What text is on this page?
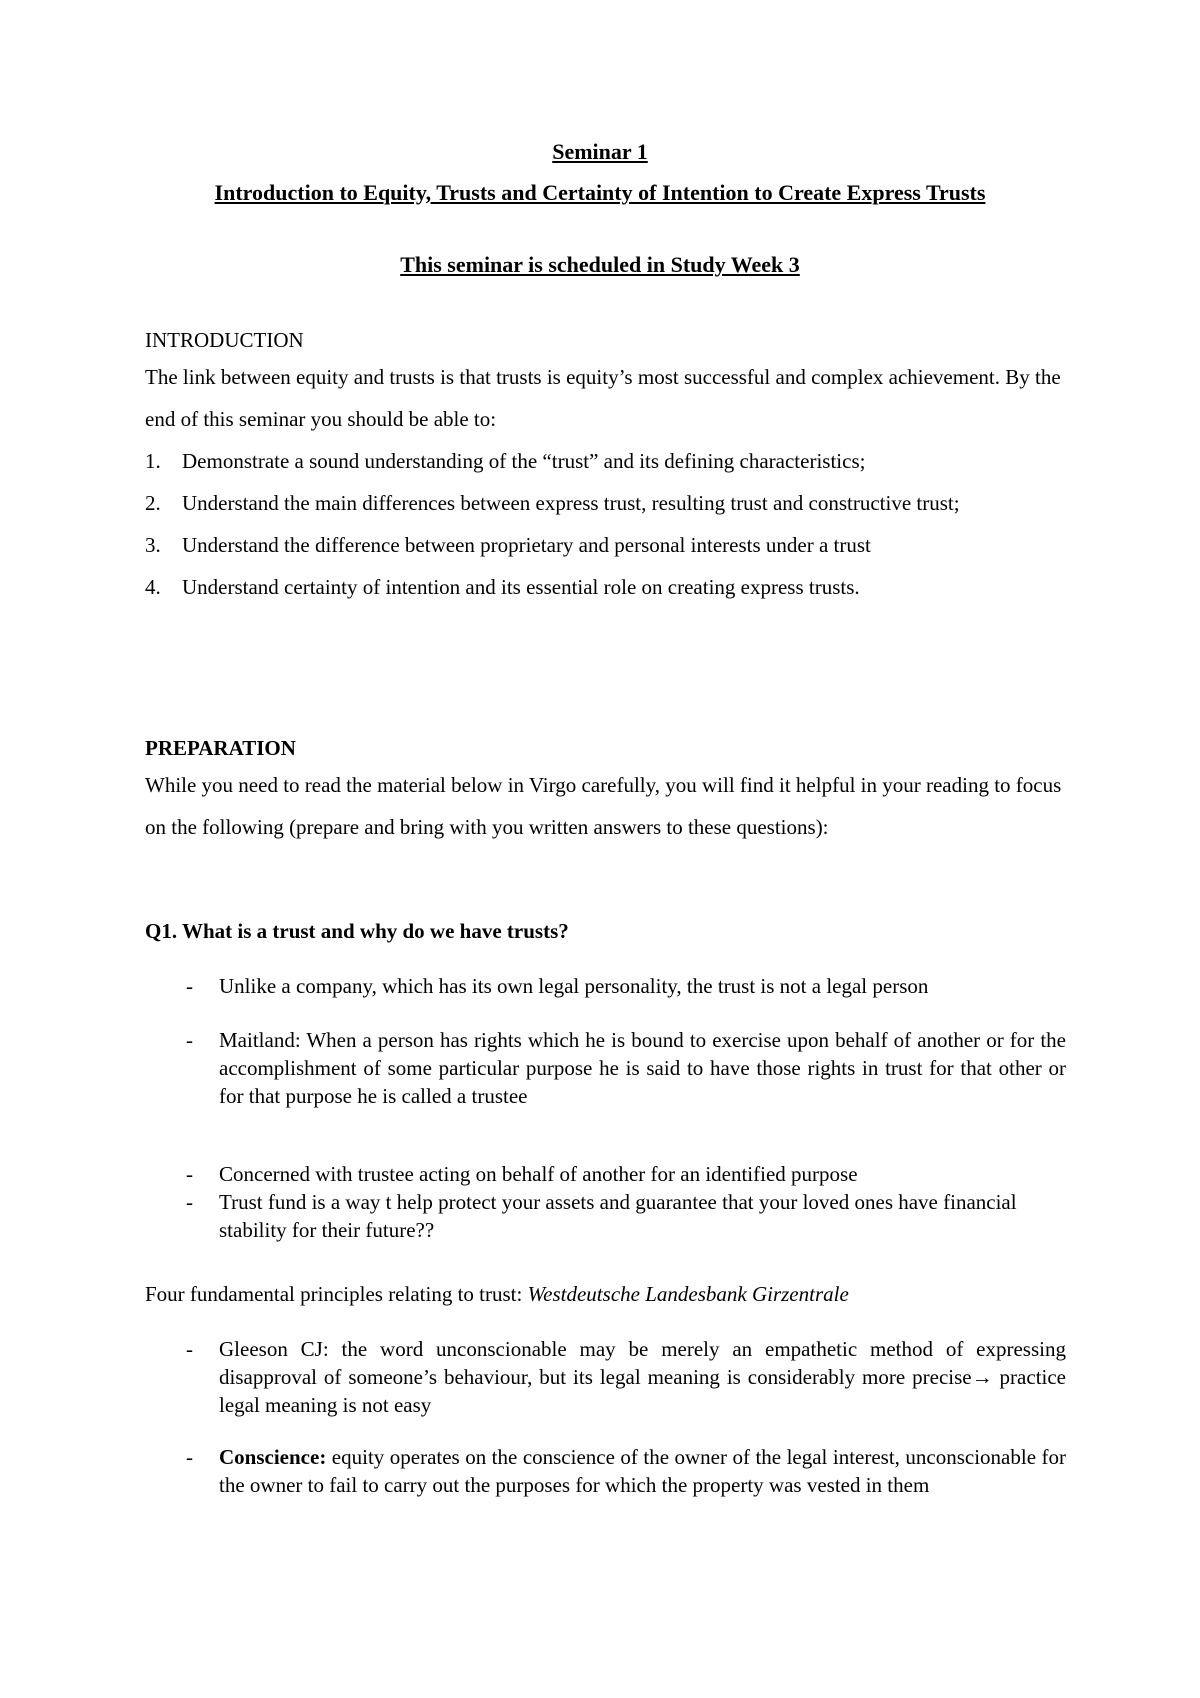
Seminar 1
Introduction to Equity, Trusts and Certainty of Intention to Create Express Trusts
This seminar is scheduled in Study Week 3
INTRODUCTION
The link between equity and trusts is that trusts is equity’s most successful and complex achievement. By the end of this seminar you should be able to:
1. Demonstrate a sound understanding of the “trust” and its defining characteristics;
2. Understand the main differences between express trust, resulting trust and constructive trust;
3. Understand the difference between proprietary and personal interests under a trust
4. Understand certainty of intention and its essential role on creating express trusts.
PREPARATION
While you need to read the material below in Virgo carefully, you will find it helpful in your reading to focus on the following (prepare and bring with you written answers to these questions):
Q1. What is a trust and why do we have trusts?
-	Unlike a company, which has its own legal personality, the trust is not a legal person
-	Maitland: When a person has rights which he is bound to exercise upon behalf of another or for the accomplishment of some particular purpose he is said to have those rights in trust for that other or for that purpose he is called a trustee
-	Concerned with trustee acting on behalf of another for an identified purpose
-	Trust fund is a way t help protect your assets and guarantee that your loved ones have financial stability for their future??
Four fundamental principles relating to trust: Westdeutsche Landesbank Girzentrale
-	Gleeson CJ: the word unconscionable may be merely an empathetic method of expressing disapproval of someone’s behaviour, but its legal meaning is considerably more precise→ practice legal meaning is not easy
-	Conscience: equity operates on the conscience of the owner of the legal interest, unconscionable for the owner to fail to carry out the purposes for which the property was vested in them
